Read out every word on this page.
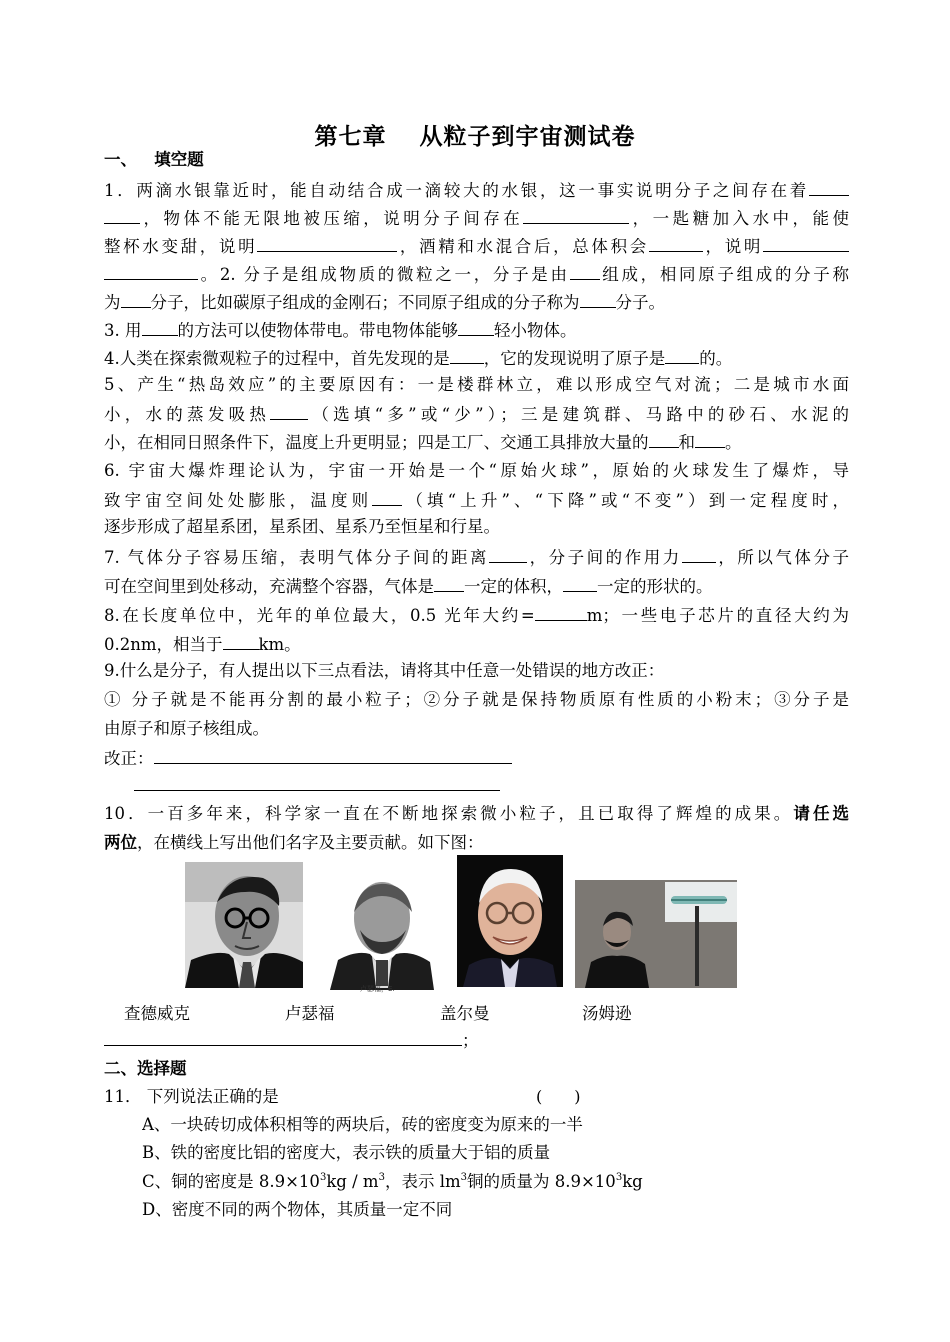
第七章　 从粒子到宇宙测试卷
一、 填空题
1．两滴水银靠近时，能自动结合成一滴较大的水银，这一事实说明分子之间存在着
，物体不能无限地被压缩，说明分子间存在	，一匙糖加入水中，能使
整杯水变甜，说明	，酒精和水混合后，总体积会	，说明
。2. 分子是组成物质的微粒之一，分子是由 组成，相同原子组成的分子称
为 分子，比如碳原子组成的金刚石；不同原子组成的分子称为 分子。
3. 用 的方法可以使物体带电。带电物体能够 轻小物体。
4.人类在探索微观粒子的过程中，首先发现的是 ，它的发现说明了原子是 的。
5、产生“热岛效应”的主要原因有：一是楼群林立，难以形成空气对流；二是城市水面
小，水的蒸发吸热 （选填“多”或“少”）；三是建筑群、马路中的砂石、水泥的
小，在相同日照条件下，温度上升更明显；四是工厂、交通工具排放大量的 和 。
6. 宇宙大爆炸理论认为，宇宙一开始是一个“原始火球”，原始的火球发生了爆炸，导
致宇宙空间处处膨胀，温度则 （填“上升”、“下降”或“不变”）到一定程度时，
逐步形成了超星系团，星系团、星系乃至恒星和行星。
7. 气体分子容易压缩，表明气体分子间的距离 ，分子间的作用力 ，所以气体分子
可在空间里到处移动，充满整个容器，气体是 一定的体积， 一定的形状的。
8.在长度单位中，光年的单位最大，0.5 光年大约=	m；一些电子芯片的直径大约为
0.2nm，相当于 km。
9.什么是分子，有人提出以下三点看法，请将其中任意一处错误的地方改正：
① 分子就是不能再分割的最小粒子；②分子就是保持物质原有性质的小粉末；③分子是
由原子和原子核组成。
改正：
10．一百多年来，科学家一直在不断地探索微小粒子，且已取得了辉煌的成果。请任选
两位，在横线上写出他们名字及主要贡献。如下图：
卢瑟福，E.
查德威克	卢瑟福	盖尔曼	汤姆逊
；
二、选择题
11． 下列说法正确的是	(　　)
A、一块砖切成体积相等的两块后，砖的密度变为原来的一半
B、铁的密度比铝的密度大，表示铁的质量大于铝的质量
C、铜的密度是 $8.9\times 10^3kg / m^3$，表示 $lm^3$铜的质量为 $8.9\times 10^3kg$
D、密度不同的两个物体，其质量一定不同
